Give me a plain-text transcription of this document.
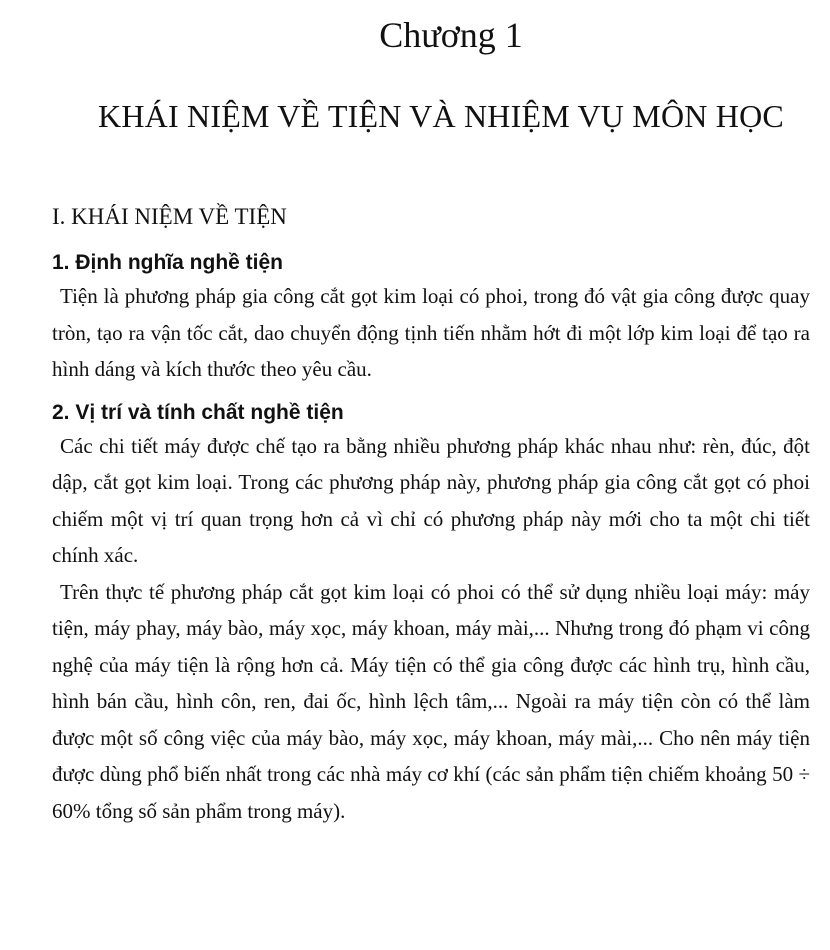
Chương 1
KHÁI NIỆM VỀ TIỆN VÀ NHIỆM VỤ MÔN HỌC
I. KHÁI NIỆM VỀ TIỆN
1. Định nghĩa nghề tiện

Tiện là phương pháp gia công cắt gọt kim loại có phoi, trong đó vật gia công được quay tròn, tạo ra vận tốc cắt, dao chuyển động tịnh tiến nhằm hớt đi một lớp kim loại để tạo ra hình dáng và kích thước theo yêu cầu.

2. Vị trí và tính chất nghề tiện

Các chi tiết máy được chế tạo ra bằng nhiều phương pháp khác nhau như: rèn, đúc, đột dập, cắt gọt kim loại. Trong các phương pháp này, phương pháp gia công cắt gọt có phoi chiếm một vị trí quan trọng hơn cả vì chỉ có phương pháp này mới cho ta một chi tiết chính xác.

Trên thực tế phương pháp cắt gọt kim loại có phoi có thể sử dụng nhiều loại máy: máy tiện, máy phay, máy bào, máy xọc, máy khoan, máy mài,... Nhưng trong đó phạm vi công nghệ của máy tiện là rộng hơn cả. Máy tiện có thể gia công được các hình trụ, hình cầu, hình bán cầu, hình côn, ren, đai ốc, hình lệch tâm,... Ngoài ra máy tiện còn có thể làm được một số công việc của máy bào, máy xọc, máy khoan, máy mài,... Cho nên máy tiện được dùng phổ biến nhất trong các nhà máy cơ khí (các sản phẩm tiện chiếm khoảng 50 ÷ 60% tổng số sản phẩm trong máy).
